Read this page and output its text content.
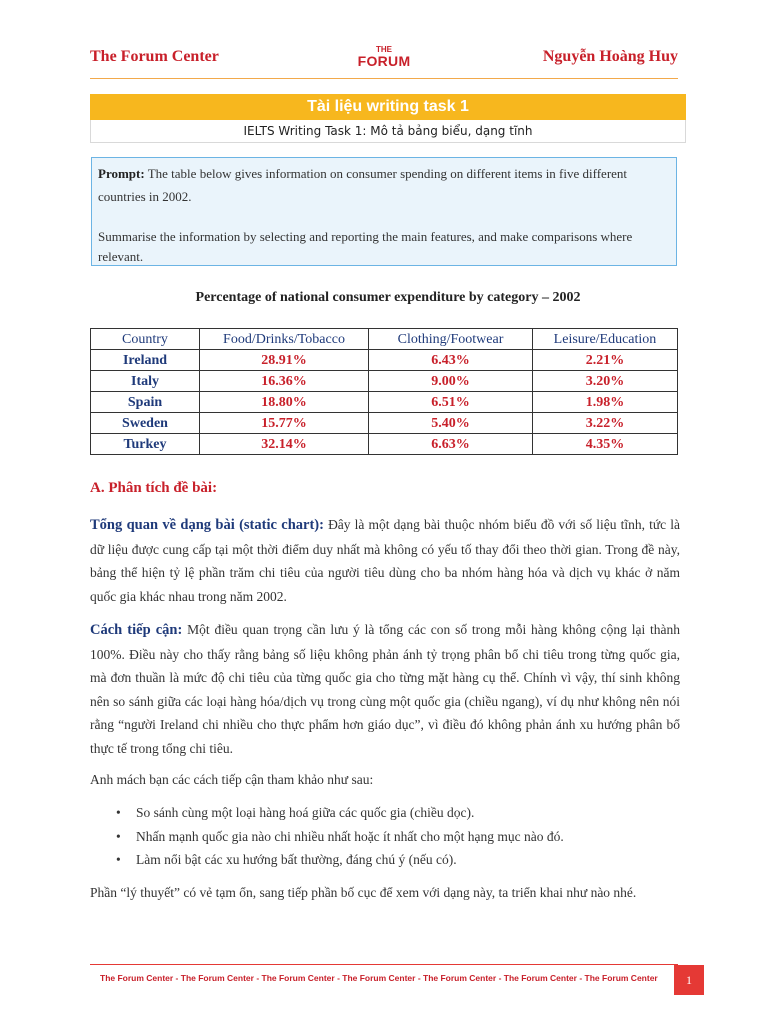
The Forum Center	THE
FORUM	Nguyễn Hoàng Huy
Tài liệu writing task 1
IELTS Writing Task 1: Mô tả bảng biểu, dạng tĩnh

Prompt: The table below gives information on consumer spending on different items in five different countries in 2002.

Summarise the information by selecting and reporting the main features, and make comparisons where relevant.

Percentage of national consumer expenditure by category – 2002
Country	Food/Drinks/Tobacco	Clothing/Footwear	Leisure/Education
Ireland	28.91%	6.43%	2.21%
Italy	16.36%	9.00%	3.20%
Spain	18.80%	6.51%	1.98%
Sweden	15.77%	5.40%	3.22%
Turkey	32.14%	6.63%	4.35%
A. Phân tích đề bài:

Tổng quan về dạng bài (static chart): Đây là một dạng bài thuộc nhóm biểu đồ với số liệu tĩnh, tức là dữ liệu được cung cấp tại một thời điểm duy nhất mà không có yếu tố thay đổi theo thời gian. Trong đề này, bảng thể hiện tỷ lệ phần trăm chi tiêu của người tiêu dùng cho ba nhóm hàng hóa và dịch vụ khác ở năm quốc gia khác nhau trong năm 2002.

Cách tiếp cận: Một điều quan trọng cần lưu ý là tổng các con số trong mỗi hàng không cộng lại thành 100%. Điều này cho thấy rằng bảng số liệu không phản ánh tỷ trọng phân bổ chi tiêu trong từng quốc gia, mà đơn thuần là mức độ chi tiêu của từng quốc gia cho từng mặt hàng cụ thể. Chính vì vậy, thí sinh không nên so sánh giữa các loại hàng hóa/dịch vụ trong cùng một quốc gia (chiều ngang), ví dụ như không nên nói rằng “người Ireland chi nhiều cho thực phẩm hơn giáo dục”, vì điều đó không phản ánh xu hướng phân bổ thực tế trong tổng chi tiêu.

Anh mách bạn các cách tiếp cận tham khảo như sau:

• So sánh cùng một loại hàng hoá giữa các quốc gia (chiều dọc).
• Nhấn mạnh quốc gia nào chi nhiều nhất hoặc ít nhất cho một hạng mục nào đó.
• Làm nổi bật các xu hướng bất thường, đáng chú ý (nếu có).

Phần “lý thuyết” có vẻ tạm ổn, sang tiếp phần bố cục để xem với dạng này, ta triển khai như nào nhé.

The Forum Center - The Forum Center - The Forum Center - The Forum Center - The Forum Center - The Forum Center - The Forum Center	1
